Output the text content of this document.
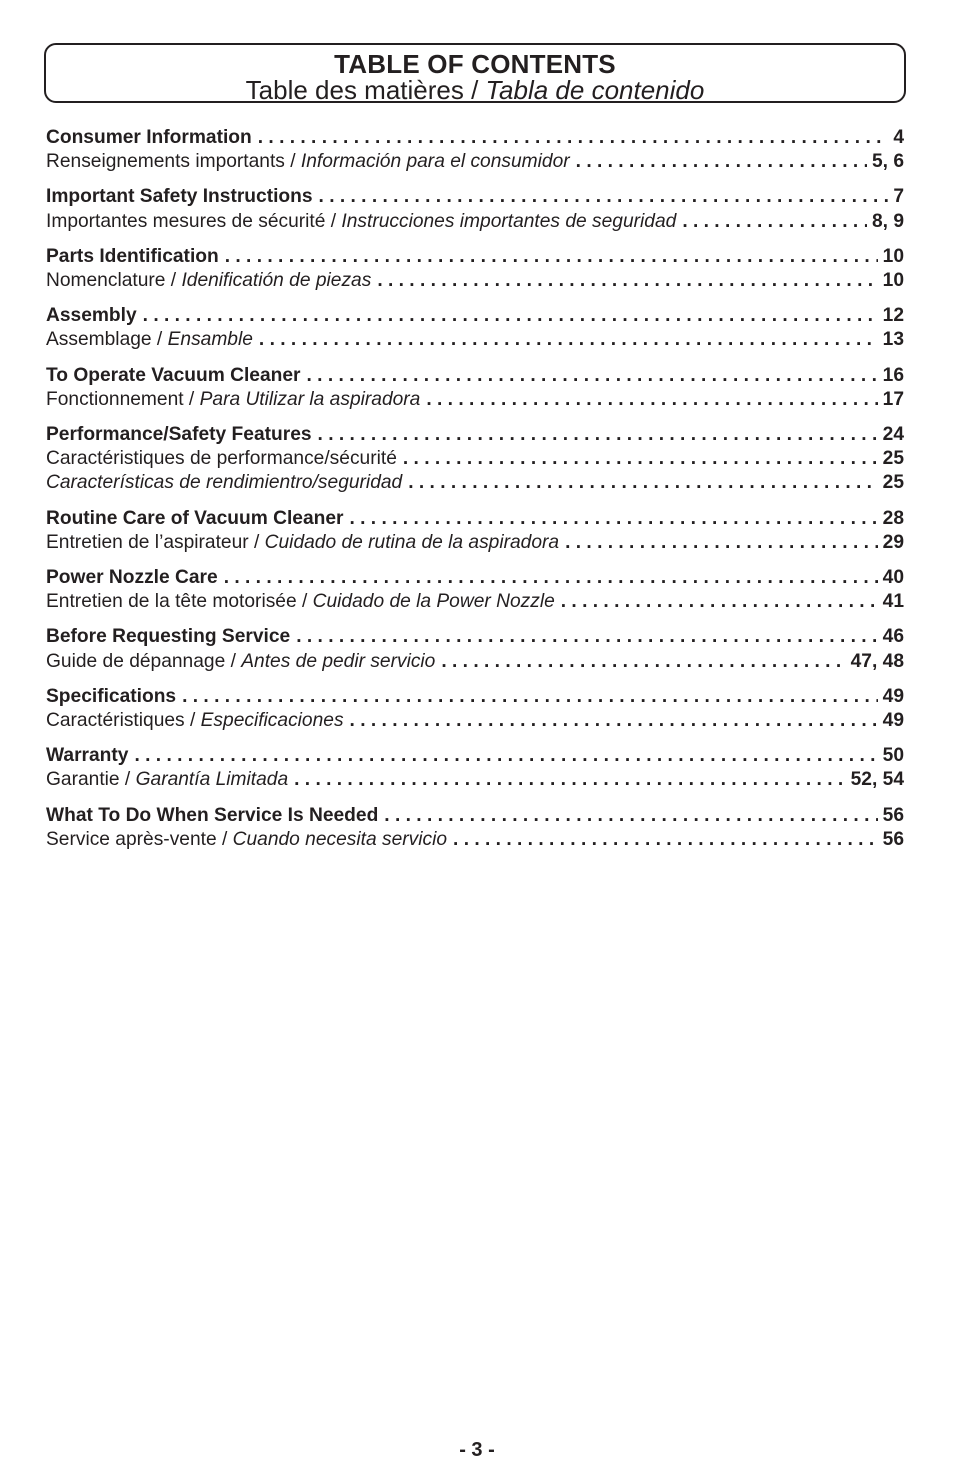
TABLE OF CONTENTS
Table des matières / Tabla de contenido
Consumer Information . . .	4
Renseignements importants / Información para el consumidor . . .	5, 6
Important Safety Instructions . . .	7
Importantes mesures de sécurité / Instrucciones importantes de seguridad . . .	8, 9
Parts Identification . . .	10
Nomenclature / Idenificatión de piezas . . .	10
Assembly . . .	12
Assemblage / Ensamble . . .	13
To Operate Vacuum Cleaner . . .	16
Fonctionnement / Para Utilizar la aspiradora . . .	17
Performance/Safety Features . . .	24
Caractéristiques de performance/sécurité . . .	25
Características de rendimientro/seguridad . . .	25
Routine Care of Vacuum Cleaner . . .	28
Entretien de l’aspirateur / Cuidado de rutina de la aspiradora . . .	29
Power Nozzle Care . . .	40
Entretien de la tête motorisée / Cuidado de la Power Nozzle . . .	41
Before Requesting Service . . .	46
Guide de dépannage / Antes de pedir servicio . . .	47, 48
Specifications . . .	49
Caractéristiques / Especificaciones . . .	49
Warranty . . .	50
Garantie / Garantía Limitada . . .	52, 54
What To Do When Service Is Needed . . .	56
Service après-vente / Cuando necesita servicio . . .	56
- 3 -
